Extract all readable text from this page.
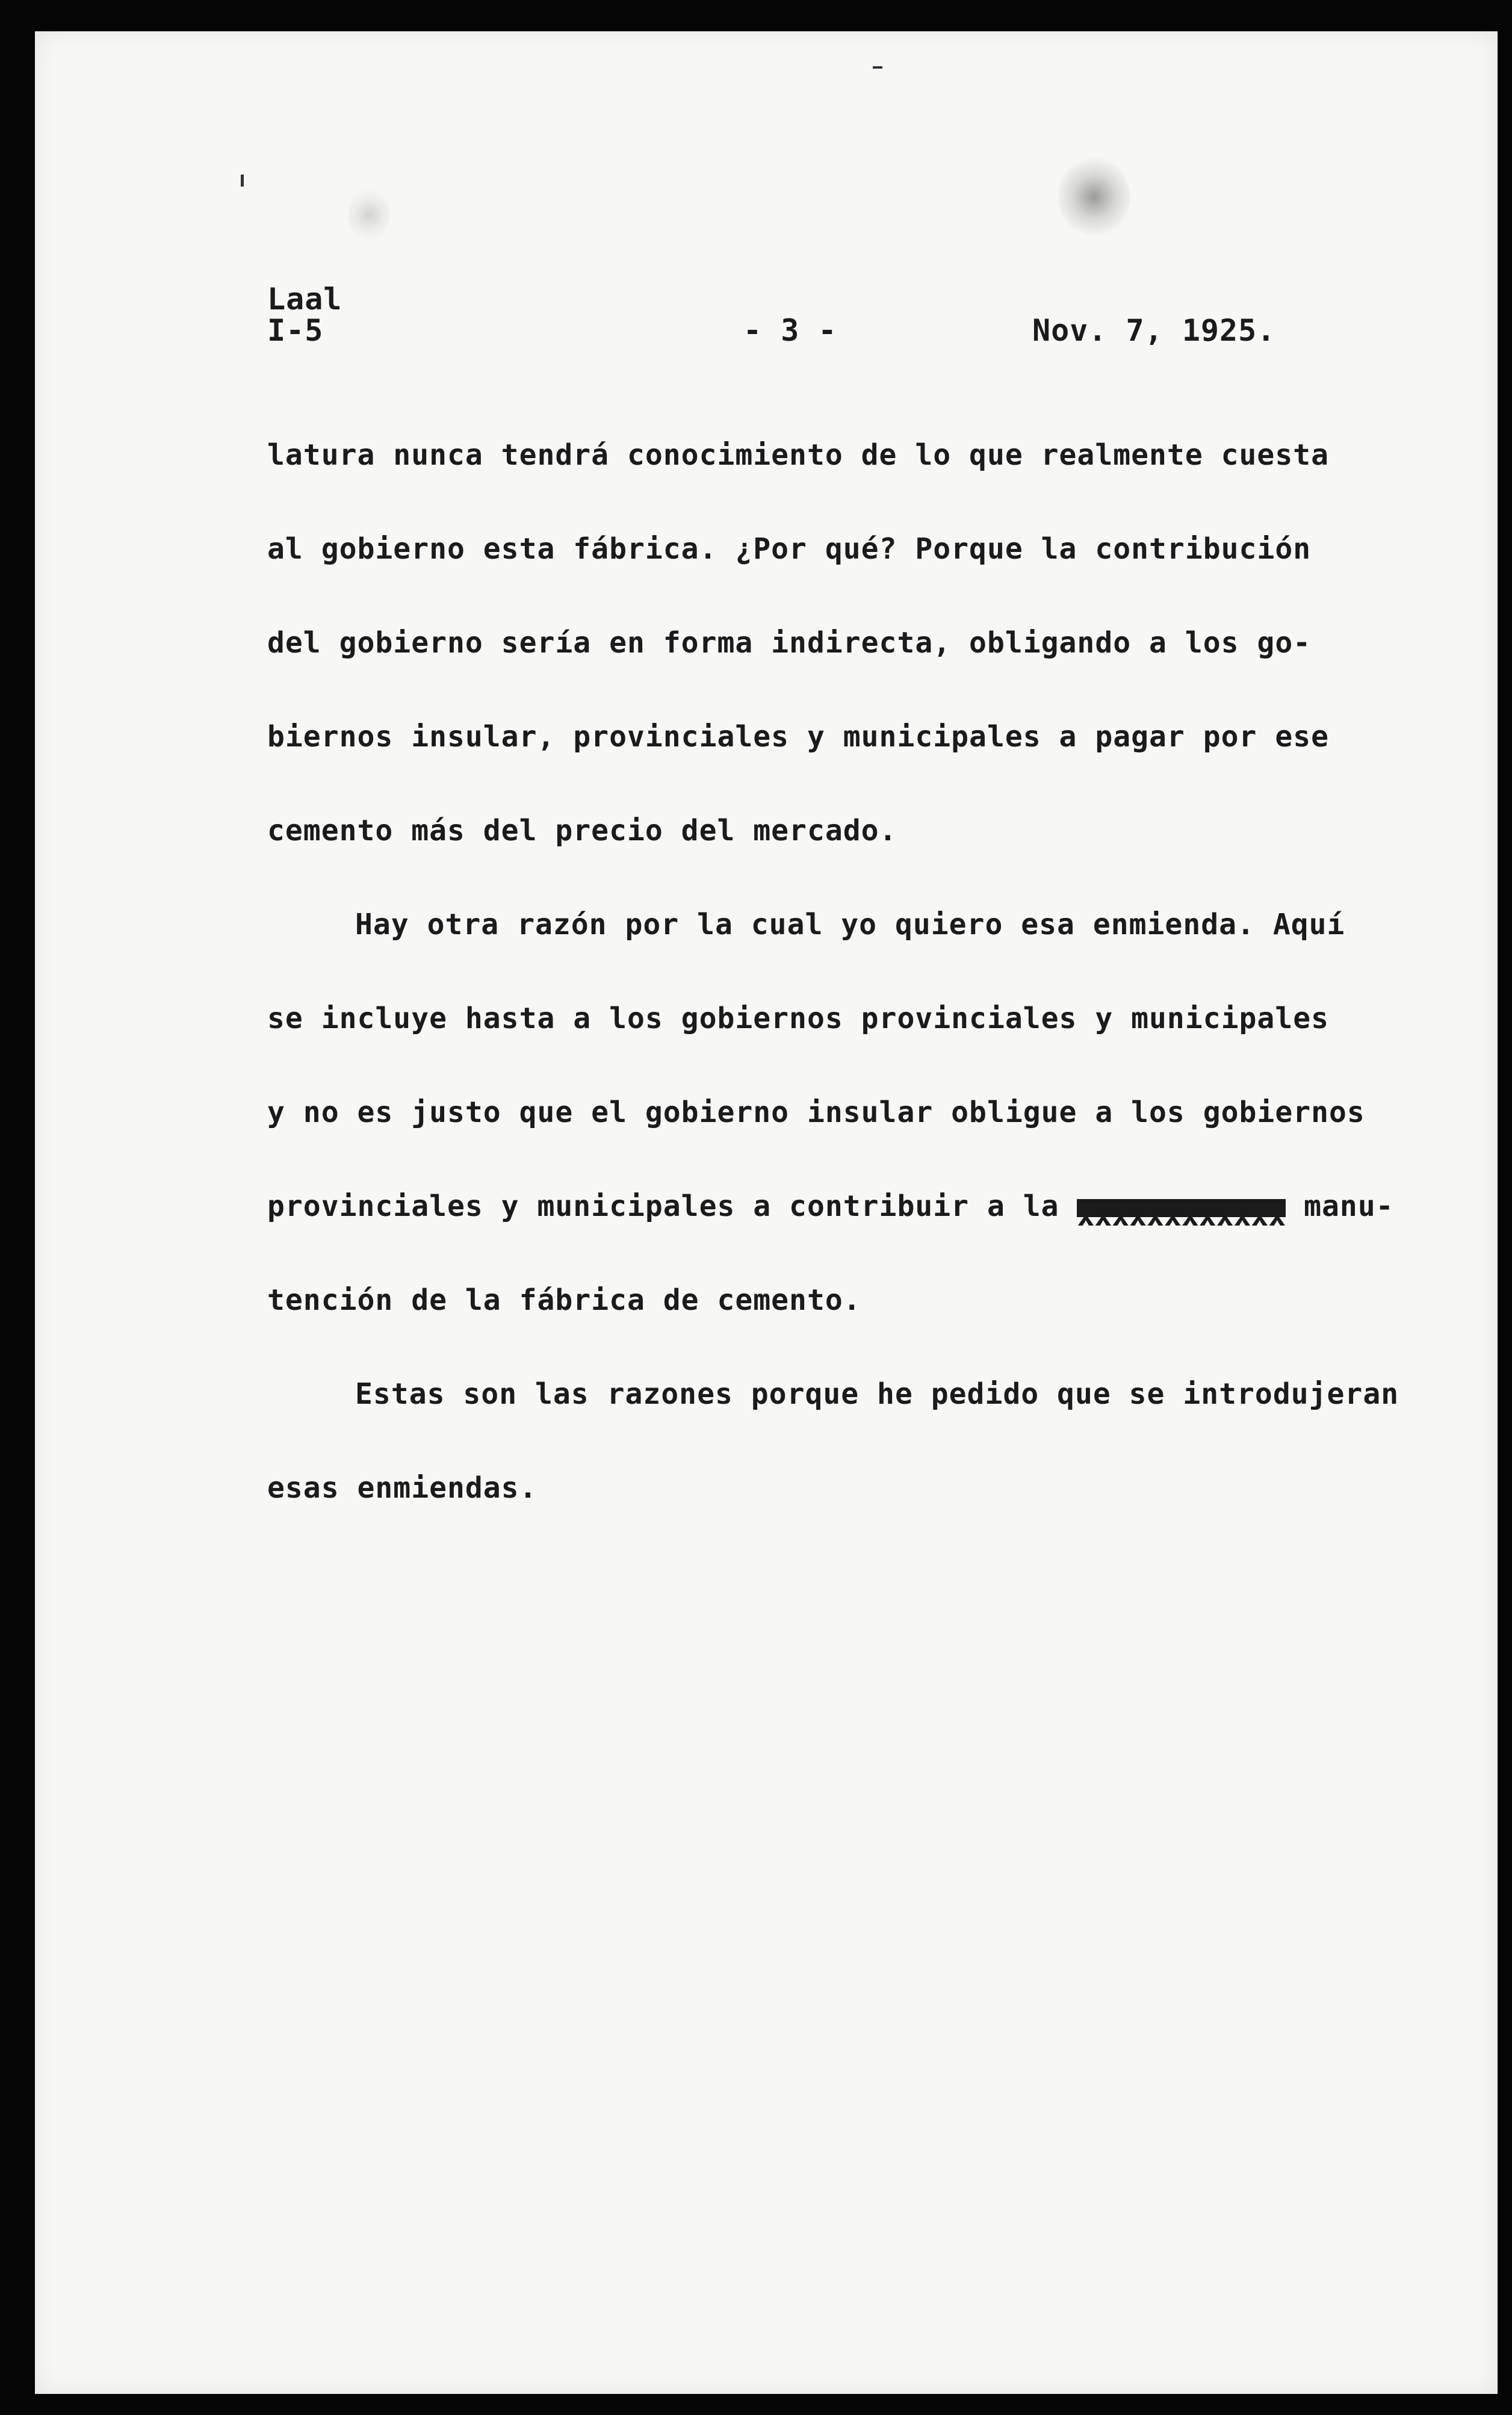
Laal
I-5	- 3 -	Nov. 7, 1925.
latura nunca tendrá conocimiento de lo que realmente cuesta
al gobierno esta fábrica. ¿Por qué? Porque la contribución
del gobierno sería en forma indirecta, obligando a los go-
biernos insular, provinciales y municipales a pagar por ese
cemento más del precio del mercado.
Hay otra razón por la cual yo quiero esa enmienda. Aquí
se incluye hasta a los gobiernos provinciales y municipales
y no es justo que el gobierno insular obligue a los gobiernos
provinciales y municipales a contribuir a la xxxxxxxxxxxx manu-
tención de la fábrica de cemento.
Estas son las razones porque he pedido que se introdujeran
esas enmiendas.
